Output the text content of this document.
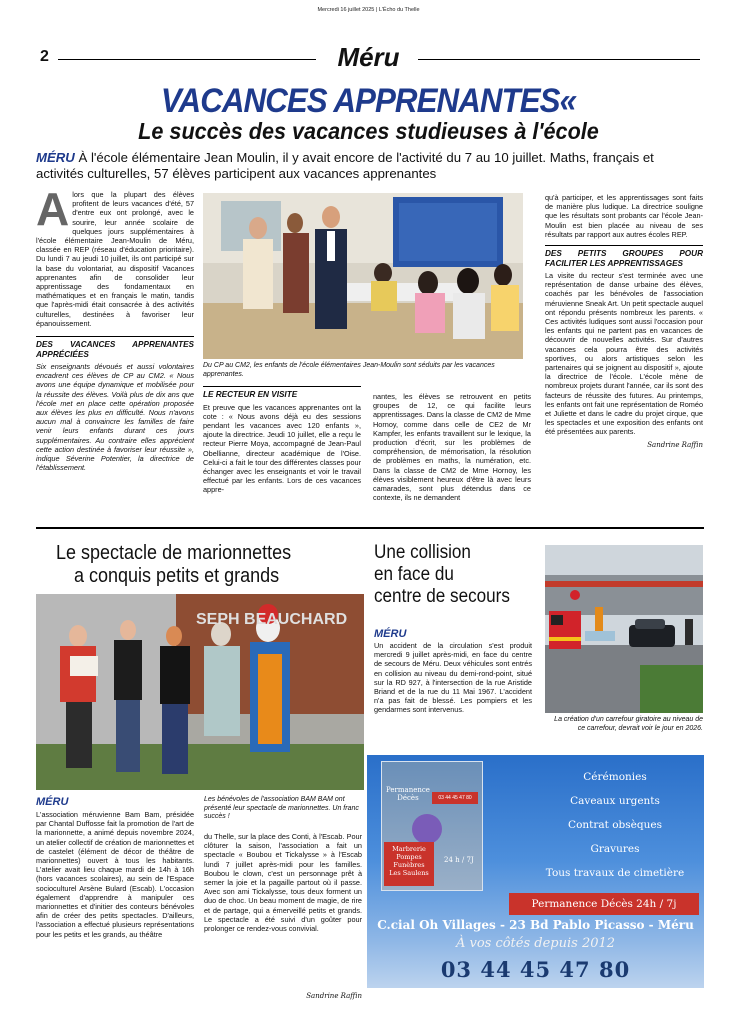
Mercredi 16 juillet 2025 | L'Écho du Thelle
2	Méru
VACANCES APPRENANTES«
Le succès des vacances studieuses à l'école
MÉRU À l'école élémentaire Jean Moulin, il y avait encore de l'activité du 7 au 10 juillet. Maths, français et activités culturelles, 57 élèves participent aux vacances apprenantes
A lors que la plupart des élèves profitent de leurs vacances d'été, 57 d'entre eux ont prolongé, avec le sourire, leur année scolaire de quelques jours supplémentaires à l'école élémentaire Jean-Moulin de Méru, classée en REP (réseau d'éducation prioritaire). Du lundi 7 au jeudi 10 juillet, ils ont participé sur la base du volontariat, au dispositif Vacances apprenantes afin de consolider leur apprentissage des fondamentaux en mathématiques et en français le matin, tandis que l'après-midi était consacrée à des activités culturelles, destinées à favoriser leur épanouissement.
DES VACANCES APPRENANTES APPRÉCIÉES
Six enseignants dévoués et aussi volontaires encadrent ces élèves de CP au CM2. « Nous avons une équipe dynamique et mobilisée pour la réussite des élèves. Voilà plus de dix ans que l'école met en place cette opération proposée aux élèves les plus en difficulté. Nous n'avons aucun mal à convaincre les familles de faire venir leurs enfants durant ces jours supplémentaires. Au contraire elles apprécient cette action destinée à favoriser leur réussite », indique Séverine Potentier, la directrice de l'établissement.
Du CP au CM2, les enfants de l'école élémentaires Jean-Moulin sont séduits par les vacances apprenantes.
LE RECTEUR EN VISITE
Et preuve que les vacances apprenantes ont la cote : « Nous avons déjà eu des sessions pendant les vacances avec 120 enfants », ajoute la directrice. Jeudi 10 juillet, elle a reçu le recteur Pierre Moya, accompagné de Jean-Paul Obellianne, directeur académique de l'Oise. Celui-ci a fait le tour des différentes classes pour échanger avec les enseignants et voir le travail effectué par les enfants. Lors de ces vacances appre-
nantes, les élèves se retrouvent en petits groupes de 12, ce qui facilite leurs apprentissages. Dans la classe de CM2 de Mme Hornoy, comme dans celle de CE2 de Mr Kampfer, les enfants travaillent sur le lexique, la production d'écrit, sur les problèmes de compréhension, de mémorisation, la résolution de problèmes en maths, la numération, etc. Dans la classe de CM2 de Mme Hornoy, les élèves visiblement heureux d'être là avec leurs camarades, sont plus détendus dans ce contexte, ils ne demandent
qu'à participer, et les apprentissages sont faits de manière plus ludique. La directrice souligne que les résultats sont probants car l'école Jean-Moulin est bien placée au niveau de ses résultats par rapport aux autres écoles REP.
DES PETITS GROUPES POUR FACILITER LES APPRENTISSAGES
La visite du recteur s'est terminée avec une représentation de danse urbaine des élèves, coachés par les bénévoles de l'association méruvienne Sneak Art. Un petit spectacle auquel ont répondu présents nombreux les parents. « Ces activités ludiques sont aussi l'occasion pour les enfants qui ne partent pas en vacances de découvrir de nouvelles activités. Sur d'autres vacances cela pourra être des activités sportives, ou alors artistiques selon les partenaires qui se joignent au dispositif », ajoute la directrice de l'école. L'école mène de nombreux projets durant l'année, car ils sont des facteurs de réussite des futures. Au printemps, les enfants ont fait une représentation de Roméo et Juliette et dans le cadre du projet cirque, que les spectacles et une exposition des enfants ont été présentées aux parents.
Sandrine Raffin
Le spectacle de marionnettes
a conquis petits et grands
SEPH BEAUCHARD
Les bénévoles de l'association BAM BAM ont présenté leur spectacle de marionnettes. Un franc succès !
MÉRU
L'association méruvienne Bam Bam, présidée par Chantal Duffosse fait la promotion de l'art de la marionnette, a animé depuis novembre 2024, un atelier collectif de création de marionnettes et de castelet (élément de décor de théâtre de marionnettes) ouvert à tous les habitants. L'atelier avait lieu chaque mardi de 14h à 16h (hors vacances scolaires), au sein de l'Espace socioculturel Arsène Bulard (Escab). L'occasion également d'apprendre à manipuler ces marionnettes et d'initier des conteurs bénévoles afin de créer des petits spectacles. D'ailleurs, l'association a effectué plusieurs représentations pour les petits et les grands, au théâtre
du Thelle, sur la place des Conti, à l'Escab. Pour clôturer la saison, l'association a fait un spectacle « Boubou et Tickalysse » à l'Escab lundi 7 juillet après-midi pour les familles. Boubou le clown, c'est un personnage prêt à semer la joie et la pagaille partout où il passe. Avec son ami Tickalysse, tous deux forment un duo de choc. Un beau moment de magie, de rire et de partage, qui a émerveillé petits et grands. Le spectacle a été suivi d'un goûter pour prolonger ce rendez-vous convivial.
Sandrine Raffin
Une collision
en face du
centre de secours
MÉRU
Un accident de la circulation s'est produit mercredi 9 juillet après-midi, en face du centre de secours de Méru. Deux véhicules sont entrés en collision au niveau du demi-rond-point, situé sur la RD 927, à l'intersection de la rue Aristide Briand et de la rue du 11 Mai 1967. L'accident n'a pas fait de blessé. Les pompiers et les gendarmes sont intervenus.
La création d'un carrefour giratoire au niveau de ce carrefour, devrait voir le jour en 2026.
Permanence
Décès	03 44 45 47 80
Marbrerie
Pompes
Funèbres
Les Saulens
24 h / 7J
Cérémonies
Caveaux urgents
Contrat obsèques
Gravures
Tous travaux de cimetière
Permanence Décès 24h / 7j
C.cial Oh Villages - 23 Bd Pablo Picasso - Méru
À vos côtés depuis 2012
03 44 45 47 80
